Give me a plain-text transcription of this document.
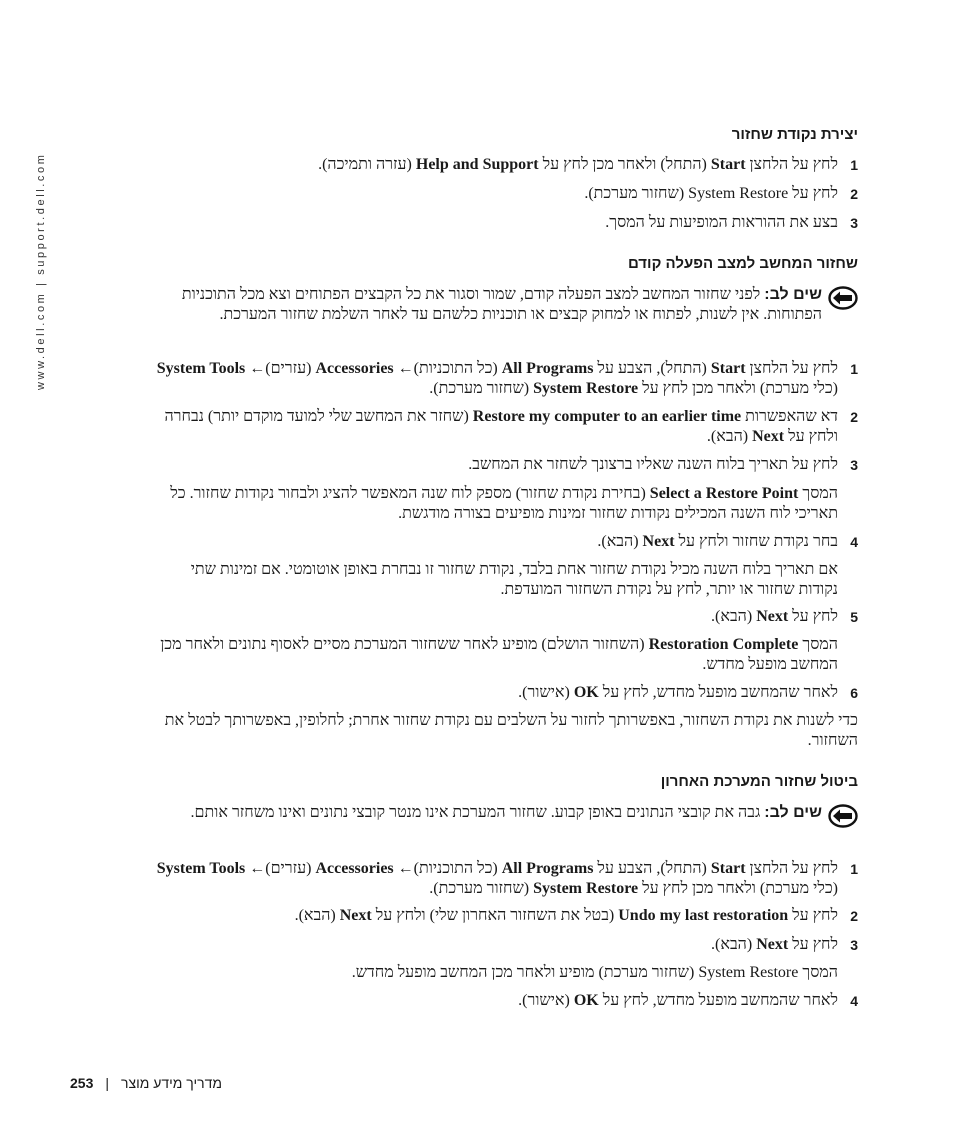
www.dell.com | support.dell.com
יצירת נקודת שחזור
1
לחץ על הלחצן Start (התחל) ולאחר מכן לחץ על Help and Support (עזרה ותמיכה).
2
לחץ על System Restore (שחזור מערכת).
3
בצע את ההוראות המופיעות על המסך.
שחזור המחשב למצב הפעלה קודם
שים לב: לפני שחזור המחשב למצב הפעלה קודם, שמור וסגור את כל הקבצים הפתוחים וצא מכל התוכניות הפתוחות. אין לשנות, לפתוח או למחוק קבצים או תוכניות כלשהם עד לאחר השלמת שחזור המערכת.
1
לחץ על הלחצן Start (התחל), הצבע על All Programs (כל התוכניות)← Accessories (עזרים)← System Tools (כלי מערכת) ולאחר מכן לחץ על System Restore (שחזור מערכת).
2
דא שהאפשרות Restore my computer to an earlier time (שחזר את המחשב שלי למועד מוקדם יותר) נבחרה ולחץ על Next (הבא).
3
לחץ על תאריך בלוח השנה שאליו ברצונך לשחזר את המחשב.
המסך Select a Restore Point (בחירת נקודת שחזור) מספק לוח שנה המאפשר להציג ולבחור נקודות שחזור. כל תאריכי לוח השנה המכילים נקודות שחזור זמינות מופיעים בצורה מודגשת.
4
בחר נקודת שחזור ולחץ על Next (הבא).
אם תאריך בלוח השנה מכיל נקודת שחזור אחת בלבד, נקודת שחזור זו נבחרת באופן אוטומטי. אם זמינות שתי נקודות שחזור או יותר, לחץ על נקודת השחזור המועדפת.
5
לחץ על Next (הבא).
המסך Restoration Complete (השחזור הושלם) מופיע לאחר ששחזור המערכת מסיים לאסוף נתונים ולאחר מכן המחשב מופעל מחדש.
6
לאחר שהמחשב מופעל מחדש, לחץ על OK (אישור).
כדי לשנות את נקודת השחזור, באפשרותך לחזור על השלבים עם נקודת שחזור אחרת; לחלופין, באפשרותך לבטל את השחזור.
ביטול שחזור המערכת האחרון
שים לב: גבה את קובצי הנתונים באופן קבוע. שחזור המערכת אינו מנטר קובצי נתונים ואינו משחזר אותם.
1
לחץ על הלחצן Start (התחל), הצבע על All Programs (כל התוכניות)← Accessories (עזרים)← System Tools (כלי מערכת) ולאחר מכן לחץ על System Restore (שחזור מערכת).
2
לחץ על Undo my last restoration (בטל את השחזור האחרון שלי) ולחץ על Next (הבא).
3
לחץ על Next (הבא).
המסך System Restore (שחזור מערכת) מופיע ולאחר מכן המחשב מופעל מחדש.
4
לאחר שהמחשב מופעל מחדש, לחץ על OK (אישור).
מדריך מידע מוצר|253
